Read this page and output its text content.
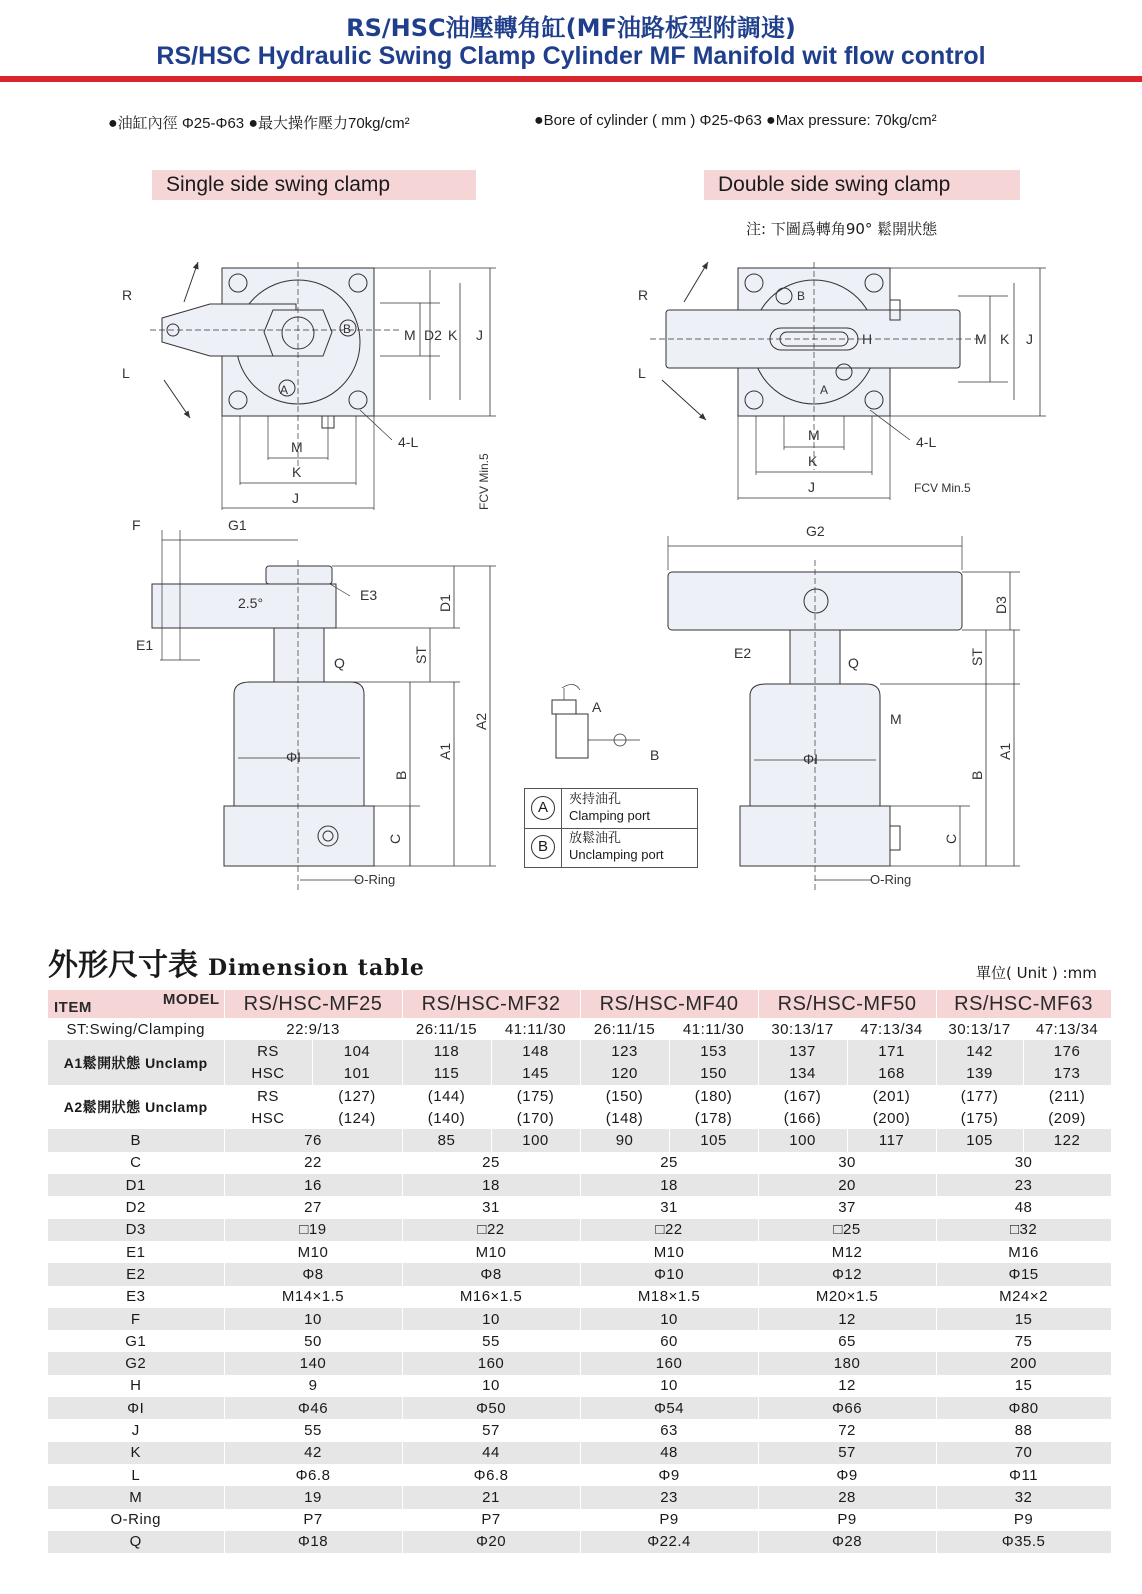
RS/HSC油壓轉角缸(MF油路板型附調速)
RS/HSC Hydraulic Swing Clamp Cylinder MF Manifold wit flow control
●油缸內徑 Φ25-Φ63 ●最大操作壓力70kg/cm²	●Bore of cylinder ( mm ) Φ25-Φ63 ●Max pressure: 70kg/cm²
Single side swing clamp	Double side swing clamp
注: 下圖爲轉角90° 鬆開狀態
R
L
A
B
M
K
J
4-L
M D2 K J
FCV Min.5
R
L
B
A
H
M
K
J
4-L
FCV Min.5
M K J
F	G1
2.5°	E3
E1
Q
ΦI
O-Ring
D1
ST
A1
A2
B
C
A
B
G2
E2
Q
M
ΦI
O-Ring
D3
ST
A1
B
C
A
夾持油孔
Clamping port
B
放鬆油孔
Unclamping port
外形尺寸表 Dimension table	單位( Unit ) :mm
ITEM MODEL	RS/HSC-MF25		RS/HSC-MF32		RS/HSC-MF40		RS/HSC-MF50		RS/HSC-MF63	
ST:Swing/Clamping	22:9/13		26:11/15	41:11/30	26:11/15	41:11/30	30:13/17	47:13/34	30:13/17	47:13/34
A1鬆開狀態 Unclamp	RS	104	118	148	123	153	137	171	142	176
	HSC	101	115	145	120	150	134	168	139	173
A2鬆開狀態 Unclamp	RS	(127)	(144)	(175)	(150)	(180)	(167)	(201)	(177)	(211)
	HSC	(124)	(140)	(170)	(148)	(178)	(166)	(200)	(175)	(209)
B	76		85	100	90	105	100	117	105	122
C	22		25		25		30		30	
D1	16		18		18		20		23	
D2	27		31		31		37		48	
D3	□19		□22		□22		□25		□32	
E1	M10		M10		M10		M12		M16	
E2	Φ8		Φ8		Φ10		Φ12		Φ15	
E3	M14×1.5		M16×1.5		M18×1.5		M20×1.5		M24×2	
F	10		10		10		12		15	
G1	50		55		60		65		75	
G2	140		160		160		180		200	
H	9		10		10		12		15	
ΦI	Φ46		Φ50		Φ54		Φ66		Φ80	
J	55		57		63		72		88	
K	42		44		48		57		70	
L	Φ6.8		Φ6.8		Φ9		Φ9		Φ11	
M	19		21		23		28		32	
O-Ring	P7		P7		P9		P9		P9	
Q	Φ18		Φ20		Φ22.4		Φ28		Φ35.5	
